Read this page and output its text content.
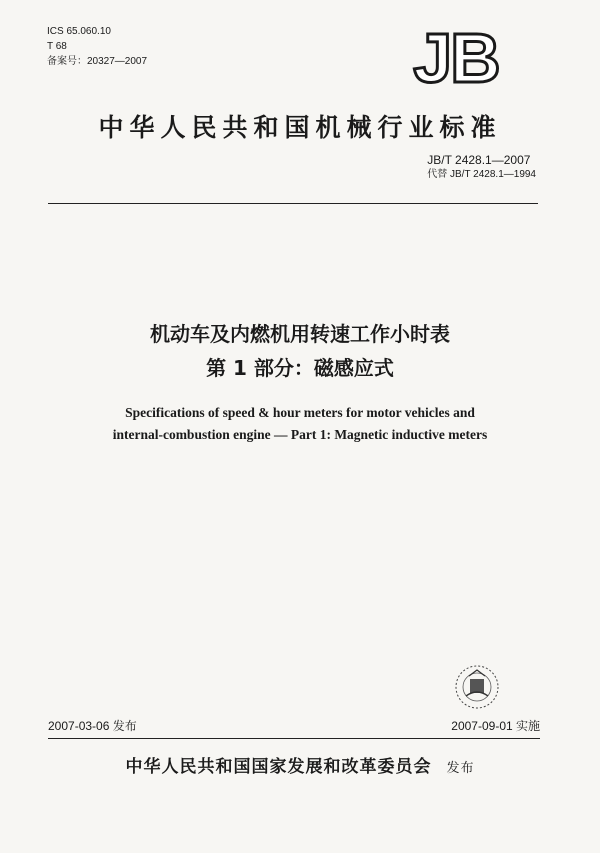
ICS 65.060.10
T 68
备案号：20327—2007	JB
中华人民共和国机械行业标准
JB/T 2428.1—2007
代替 JB/T 2428.1—1994
机动车及内燃机用转速工作小时表
第 1 部分：磁感应式
Specifications of speed & hour meters for motor vehicles and
internal-combustion engine — Part 1: Magnetic inductive meters
2007-03-06 发布	2007-09-01 实施
中华人民共和国国家发展和改革委员会 发布
